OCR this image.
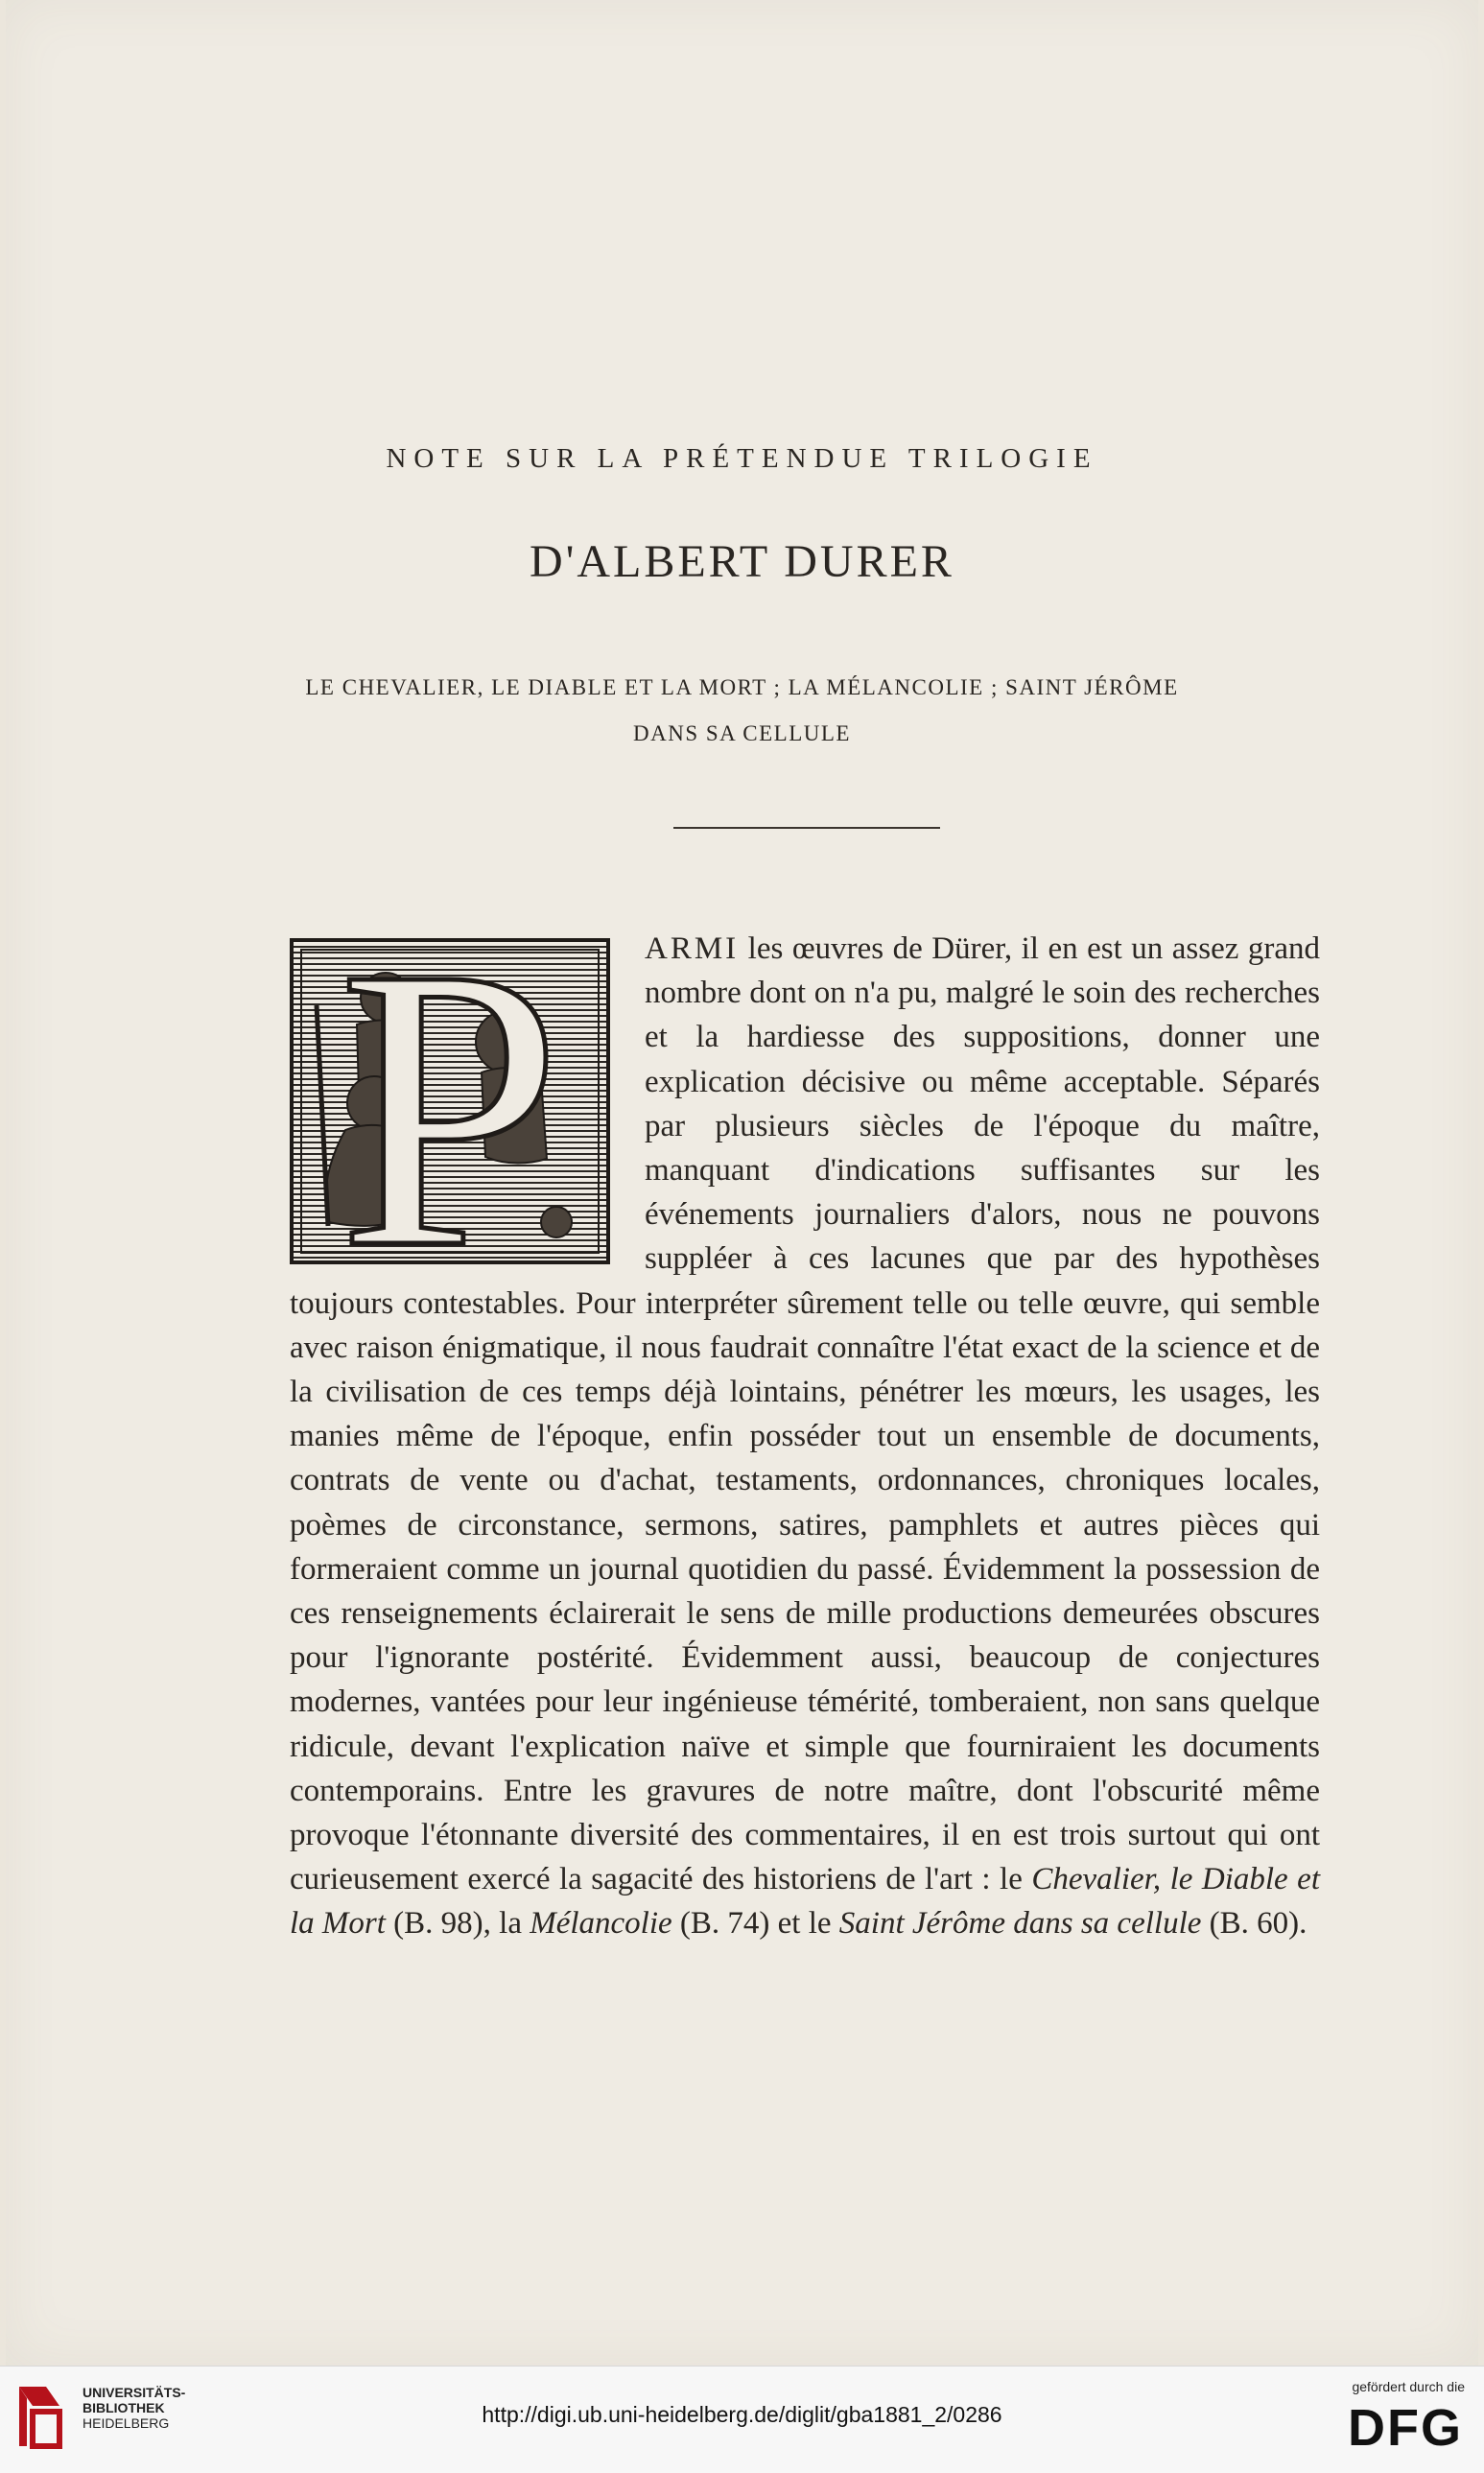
NOTE SUR LA PRÉTENDUE TRILOGIE
D'ALBERT DURER
LE CHEVALIER, LE DIABLE ET LA MORT ; LA MÉLANCOLIE ; SAINT JÉRÔME
DANS SA CELLULE
P	ARMI les œuvres de Dürer, il en est un assez grand nombre dont on n'a pu, malgré le soin des recherches et la hardiesse des suppositions, donner une explication décisive ou même acceptable. Séparés par plusieurs siècles de l'époque du maître, manquant d'indications suffisantes sur les événements journaliers d'alors, nous ne pouvons suppléer à ces lacunes que par des hypothèses toujours contestables. Pour interpréter sûrement telle ou telle œuvre, qui semble avec raison énigmatique, il nous faudrait connaître l'état exact de la science et de la civilisation de ces temps déjà lointains, pénétrer les mœurs, les usages, les manies même de l'époque, enfin posséder tout un ensemble de documents, contrats de vente ou d'achat, testaments, ordonnances, chroniques locales, poèmes de circonstance, sermons, satires, pamphlets et autres pièces qui formeraient comme un journal quotidien du passé. Évidemment la possession de ces renseignements éclairerait le sens de mille productions demeurées obscures pour l'ignorante postérité. Évidemment aussi, beaucoup de conjectures modernes, vantées pour leur ingénieuse témérité, tomberaient, non sans quelque ridicule, devant l'explication naïve et simple que fourniraient les documents contemporains. Entre les gravures de notre maître, dont l'obscurité même provoque l'étonnante diversité des commentaires, il en est trois surtout qui ont curieusement exercé la sagacité des historiens de l'art : le Chevalier, le Diable et la Mort (B. 98), la Mélancolie (B. 74) et le Saint Jérôme dans sa cellule (B. 60).

UNIVERSITÄTS-
BIBLIOTHEK
HEIDELBERG	http://digi.ub.uni-heidelberg.de/diglit/gba1881_2/0286
gefördert durch die
DFG
